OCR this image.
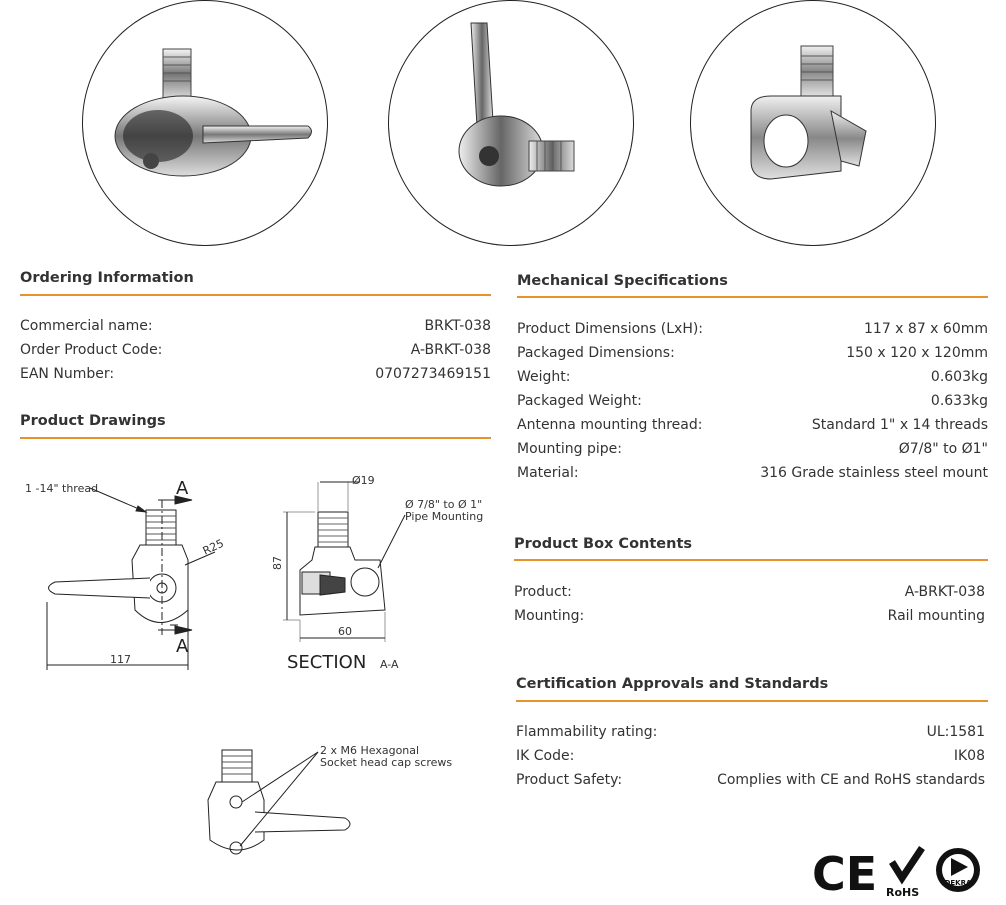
Ordering Information
Commercial name:	BRKT-038
Order Product Code:	A-BRKT-038
EAN Number:	0707273469151
Product Drawings
1 -14" thread	A
A
R25
117
Ø19
Ø 7/8" to Ø 1"
Pipe Mounting
87
60
SECTION A-A
2 x M6 Hexagonal
Socket head cap screws
Mechanical Specifications
Product Dimensions (LxH):	117 x 87 x 60mm
Packaged Dimensions:	150 x 120 x 120mm
Weight:	0.603kg
Packaged Weight:	0.633kg
Antenna mounting thread:	Standard 1" x 14 threads
Mounting pipe:	Ø7/8" to Ø1"
Material:	316 Grade stainless steel mount
Product Box Contents
Product:	A-BRKT-038
Mounting:	Rail mounting
Certification Approvals and Standards
Flammability rating:	UL:1581
IK Code:	IK08
Product Safety:	Complies with CE and RoHS standards
CE RoHS
DEKRA
